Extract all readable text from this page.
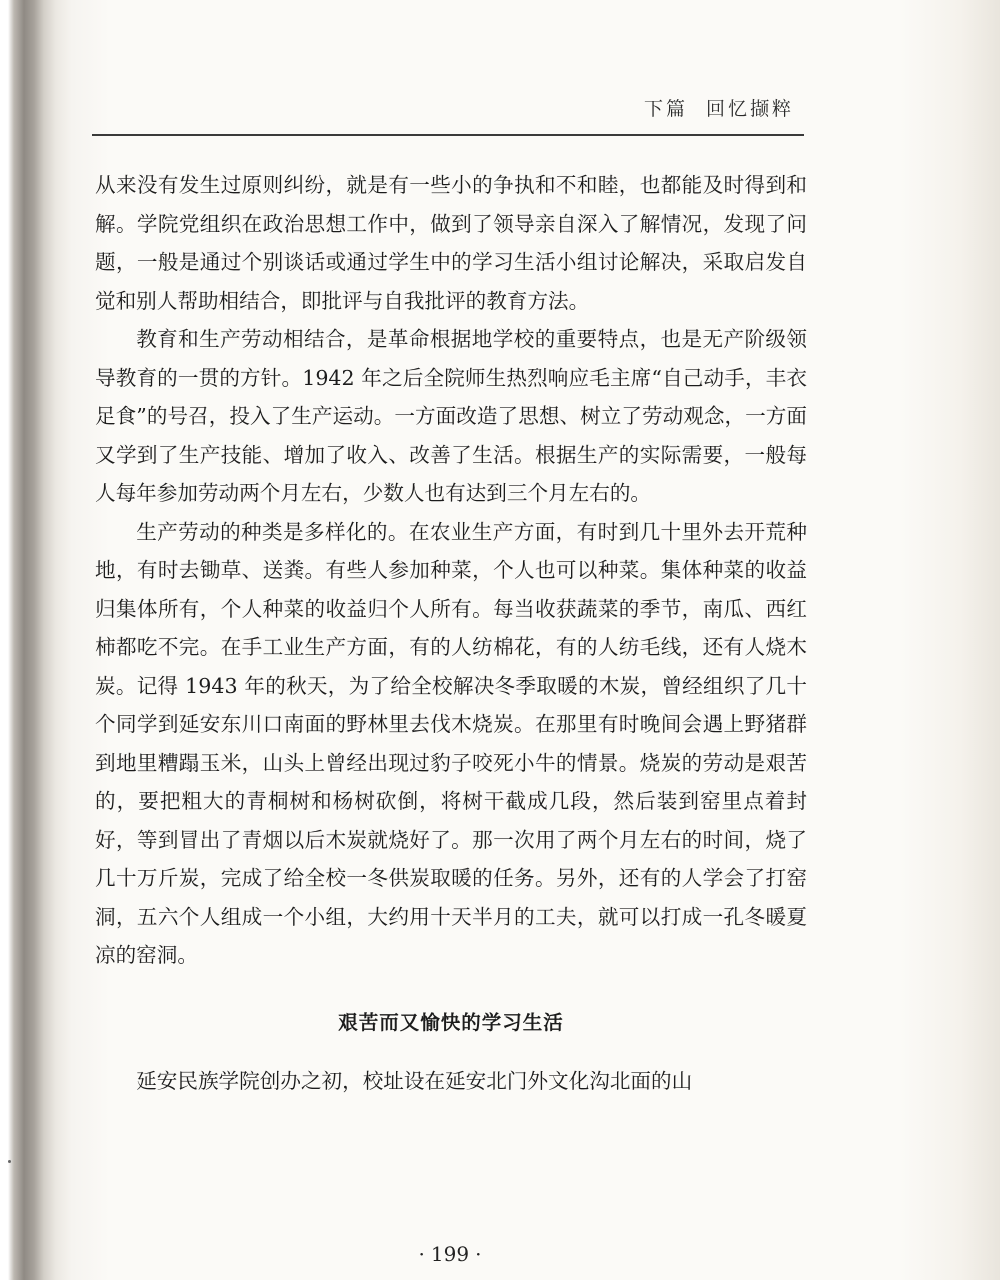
下篇 回忆撷粹

从来没有发生过原则纠纷，就是有一些小的争执和不和睦，也都能及时得到和解。学院党组织在政治思想工作中，做到了领导亲自深入了解情况，发现了问题，一般是通过个别谈话或通过学生中的学习生活小组讨论解决，采取启发自觉和别人帮助相结合，即批评与自我批评的教育方法。

教育和生产劳动相结合，是革命根据地学校的重要特点，也是无产阶级领导教育的一贯的方针。1942 年之后全院师生热烈响应毛主席“自己动手，丰衣足食”的号召，投入了生产运动。一方面改造了思想、树立了劳动观念，一方面又学到了生产技能、增加了收入、改善了生活。根据生产的实际需要，一般每人每年参加劳动两个月左右，少数人也有达到三个月左右的。

生产劳动的种类是多样化的。在农业生产方面，有时到几十里外去开荒种地，有时去锄草、送粪。有些人参加种菜，个人也可以种菜。集体种菜的收益归集体所有，个人种菜的收益归个人所有。每当收获蔬菜的季节，南瓜、西红柿都吃不完。在手工业生产方面，有的人纺棉花，有的人纺毛线，还有人烧木炭。记得 1943 年的秋天，为了给全校解决冬季取暖的木炭，曾经组织了几十个同学到延安东川口南面的野林里去伐木烧炭。在那里有时晚间会遇上野猪群到地里糟蹋玉米，山头上曾经出现过豹子咬死小牛的情景。烧炭的劳动是艰苦的，要把粗大的青桐树和杨树砍倒，将树干截成几段，然后装到窑里点着封好，等到冒出了青烟以后木炭就烧好了。那一次用了两个月左右的时间，烧了几十万斤炭，完成了给全校一冬供炭取暖的任务。另外，还有的人学会了打窑洞，五六个人组成一个小组，大约用十天半月的工夫，就可以打成一孔冬暖夏凉的窑洞。

艰苦而又愉快的学习生活

延安民族学院创办之初，校址设在延安北门外文化沟北面的山

· 199 ·
